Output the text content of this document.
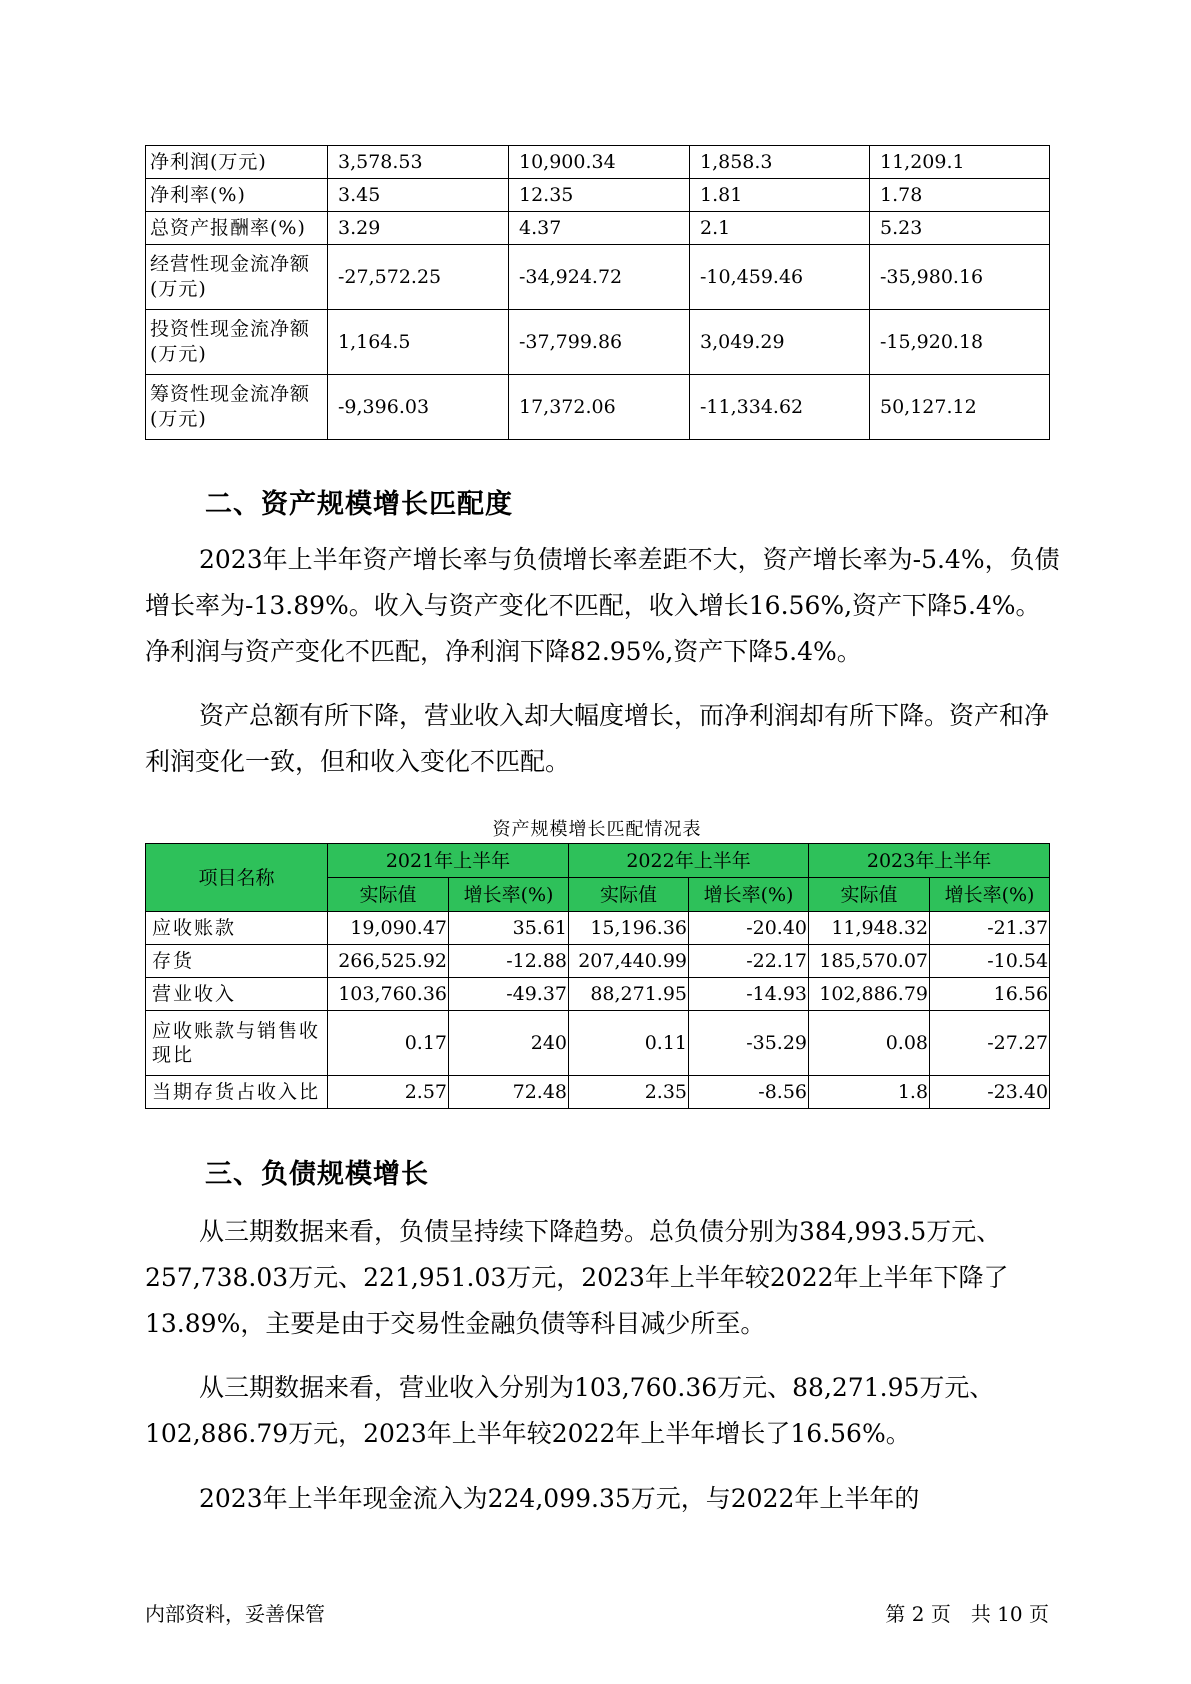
净利润(万元)	3,578.53	10,900.34	1,858.3	11,209.1
净利率(%)	3.45	12.35	1.81	1.78
总资产报酬率(%)	3.29	4.37	2.1	5.23
经营性现金流净额(万元)	-27,572.25	-34,924.72	-10,459.46	-35,980.16
投资性现金流净额(万元)	1,164.5	-37,799.86	3,049.29	-15,920.18
筹资性现金流净额(万元)	-9,396.03	17,372.06	-11,334.62	50,127.12
二、资产规模增长匹配度

2023年上半年资产增长率与负债增长率差距不大，资产增长率为-5.4%，负债增长率为-13.89%。收入与资产变化不匹配，收入增长16.56%,资产下降5.4%。净利润与资产变化不匹配，净利润下降82.95%,资产下降5.4%。

资产总额有所下降，营业收入却大幅度增长，而净利润却有所下降。资产和净利润变化一致，但和收入变化不匹配。

资产规模增长匹配情况表
项目名称	2021年上半年		2022年上半年		2023年上半年	
	实际值	增长率(%)	实际值	增长率(%)	实际值	增长率(%)
应收账款	19,090.47	35.61	15,196.36	-20.40	11,948.32	-21.37
存货	266,525.92	-12.88	207,440.99	-22.17	185,570.07	-10.54
营业收入	103,760.36	-49.37	88,271.95	-14.93	102,886.79	16.56
应收账款与销售收现比	0.17	240	0.11	-35.29	0.08	-27.27
当期存货占收入比	2.57	72.48	2.35	-8.56	1.8	-23.40
三、负债规模增长

从三期数据来看，负债呈持续下降趋势。总负债分别为384,993.5万元、257,738.03万元、221,951.03万元，2023年上半年较2022年上半年下降了13.89%，主要是由于交易性金融负债等科目减少所至。

从三期数据来看，营业收入分别为103,760.36万元、88,271.95万元、102,886.79万元，2023年上半年较2022年上半年增长了16.56%。

2023年上半年现金流入为224,099.35万元，与2022年上半年的

内部资料，妥善保管	第 2 页　共 10 页
